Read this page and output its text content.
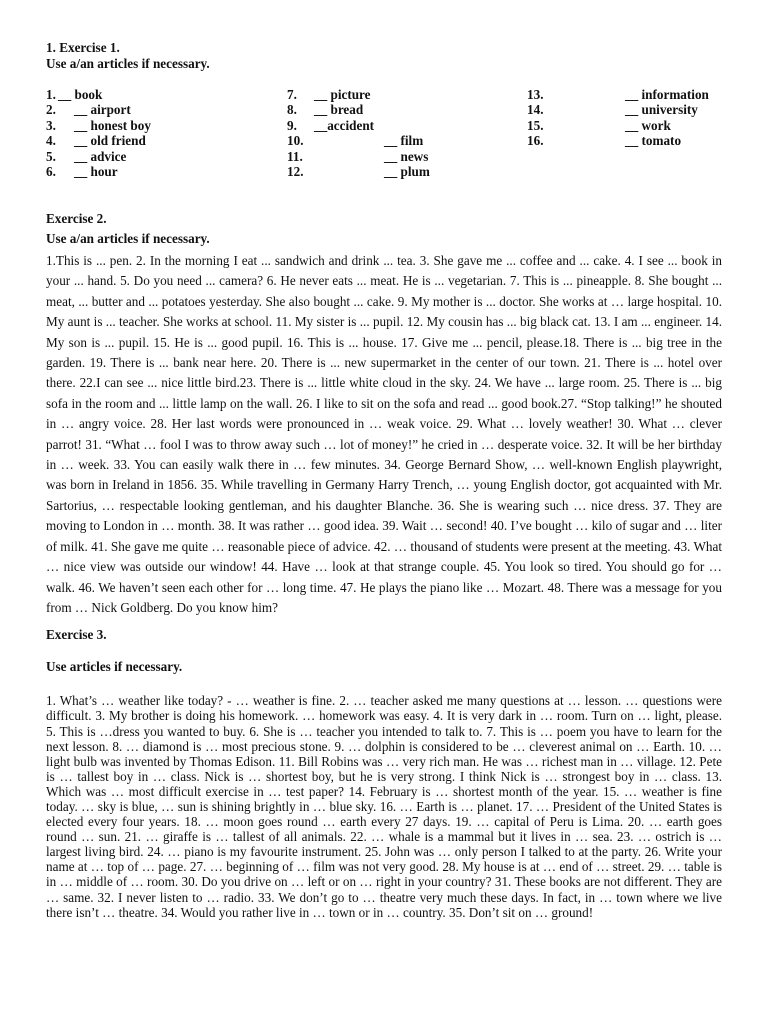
1. Exercise 1.
Use a/an articles if necessary.
1. __ book
2. __ airport
3. __ honest boy
4. __ old friend
5. __ advice
6. __ hour
7. __ picture
8. __ bread
9. __accident
10.	__ film
11.	__ news
12.	__ plum
13.	__ information
14.	__ university
15.	__ work
16.	__ tomato
Exercise 2.
Use a/an articles if necessary.
1.This is ... pen. 2. In the morning I eat ... sandwich and drink ... tea. 3. She gave me ... coffee and ... cake. 4. I see ... book in your ... hand. 5. Do you need ... camera? 6. He never eats ... meat. He is ... vegetarian. 7. This is ... pineapple. 8. She bought ... meat, ... butter and ... potatoes yesterday. She also bought ... cake. 9. My mother is ... doctor. She works at … large hospital. 10. My aunt is ... teacher. She works at school. 11. My sister is ... pupil. 12. My cousin has ... big black cat. 13. I am ... engineer. 14. My son is ... pupil. 15. He is ... good pupil. 16. This is ... house. 17. Give me ... pencil, please.18. There is ... big tree in the garden. 19. There is ... bank near here. 20. There is ... new supermarket in the center of our town. 21. There is ... hotel over there. 22.I can see ... nice little bird.23. There is ... little white cloud in the sky. 24. We have ... large room. 25. There is ... big sofa in the room and ... little lamp on the wall. 26. I like to sit on the sofa and read ... good book.27. “Stop talking!” he shouted in … angry voice. 28. Her last words were pronounced in … weak voice. 29. What … lovely weather! 30. What … clever parrot! 31. “What … fool I was to throw away such … lot of money!” he cried in … desperate voice. 32. It will be her birthday in … week. 33. You can easily walk there in … few minutes. 34. George Bernard Show, … well-known English playwright, was born in Ireland in 1856. 35. While travelling in Germany Harry Trench, … young English doctor, got acquainted with Mr. Sartorius, … respectable looking gentleman, and his daughter Blanche. 36. She is wearing such … nice dress. 37. They are moving to London in … month. 38. It was rather … good idea. 39. Wait … second! 40. I’ve bought … kilo of sugar and … liter of milk. 41. She gave me quite … reasonable piece of advice. 42. … thousand of students were present at the meeting. 43. What … nice view was outside our window! 44. Have … look at that strange couple. 45. You look so tired. You should go for … walk. 46. We haven’t seen each other for … long time. 47. He plays the piano like … Mozart. 48. There was a message for you from … Nick Goldberg. Do you know him?
Exercise 3.
Use articles if necessary.
1. What’s … weather like today? - … weather is fine. 2. … teacher asked me many questions at … lesson. … questions were difficult. 3. My brother is doing his homework. … homework was easy. 4. It is very dark in … room. Turn on … light, please. 5. This is …dress you wanted to buy. 6. She is … teacher you intended to talk to. 7. This is … poem you have to learn for the next lesson. 8. … diamond is … most precious stone. 9. … dolphin is considered to be … cleverest animal on … Earth. 10. … light bulb was invented by Thomas Edison. 11. Bill Robins was … very rich man. He was … richest man in … village. 12. Pete is … tallest boy in … class. Nick is … shortest boy, but he is very strong. I think Nick is … strongest boy in … class. 13. Which was … most difficult exercise in … test paper? 14. February is … shortest month of the year. 15. … weather is fine today. … sky is blue, … sun is shining brightly in … blue sky. 16. … Earth is … planet. 17. … President of the United States is elected every four years. 18. … moon goes round … earth every 27 days. 19. … capital of Peru is Lima. 20. … earth goes round … sun. 21. … giraffe is … tallest of all animals. 22. … whale is a mammal but it lives in … sea. 23. … ostrich is … largest living bird. 24. … piano is my favourite instrument. 25. John was … only person I talked to at the party. 26. Write your name at … top of … page. 27. … beginning of … film was not very good. 28. My house is at … end of … street. 29. … table is in … middle of … room. 30. Do you drive on … left or on … right in your country? 31. These books are not different. They are … same. 32. I never listen to … radio. 33. We don’t go to … theatre very much these days. In fact, in … town where we live there isn’t … theatre. 34. Would you rather live in … town or in … country. 35. Don’t sit on … ground!
